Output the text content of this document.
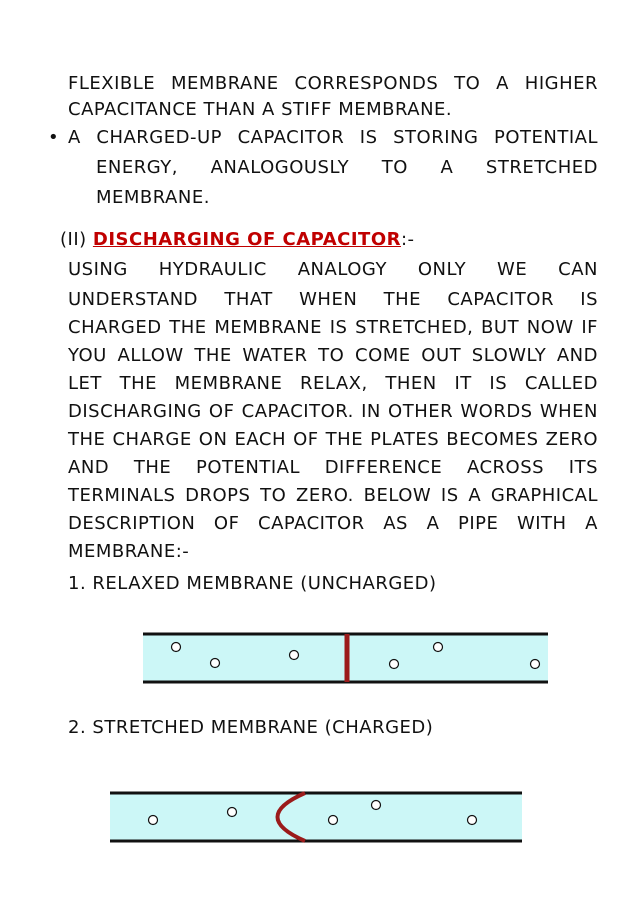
FLEXIBLE MEMBRANE CORRESPONDS TO A HIGHER
CAPACITANCE THAN A STIFF MEMBRANE.
• A CHARGED-UP CAPACITOR IS STORING POTENTIAL
ENERGY, ANALOGOUSLY TO A STRETCHED
MEMBRANE.
(II) DISCHARGING OF CAPACITOR:-
USING HYDRAULIC ANALOGY ONLY WE CAN
UNDERSTAND THAT WHEN THE CAPACITOR IS
CHARGED THE MEMBRANE IS STRETCHED, BUT NOW IF
YOU ALLOW THE WATER TO COME OUT SLOWLY AND
LET THE MEMBRANE RELAX, THEN IT IS CALLED
DISCHARGING OF CAPACITOR. IN OTHER WORDS WHEN
THE CHARGE ON EACH OF THE PLATES BECOMES ZERO
AND THE POTENTIAL DIFFERENCE ACROSS ITS
TERMINALS DROPS TO ZERO. BELOW IS A GRAPHICAL
DESCRIPTION OF CAPACITOR AS A PIPE WITH A
MEMBRANE:-
1. RELAXED MEMBRANE (UNCHARGED)
2. STRETCHED MEMBRANE (CHARGED)
